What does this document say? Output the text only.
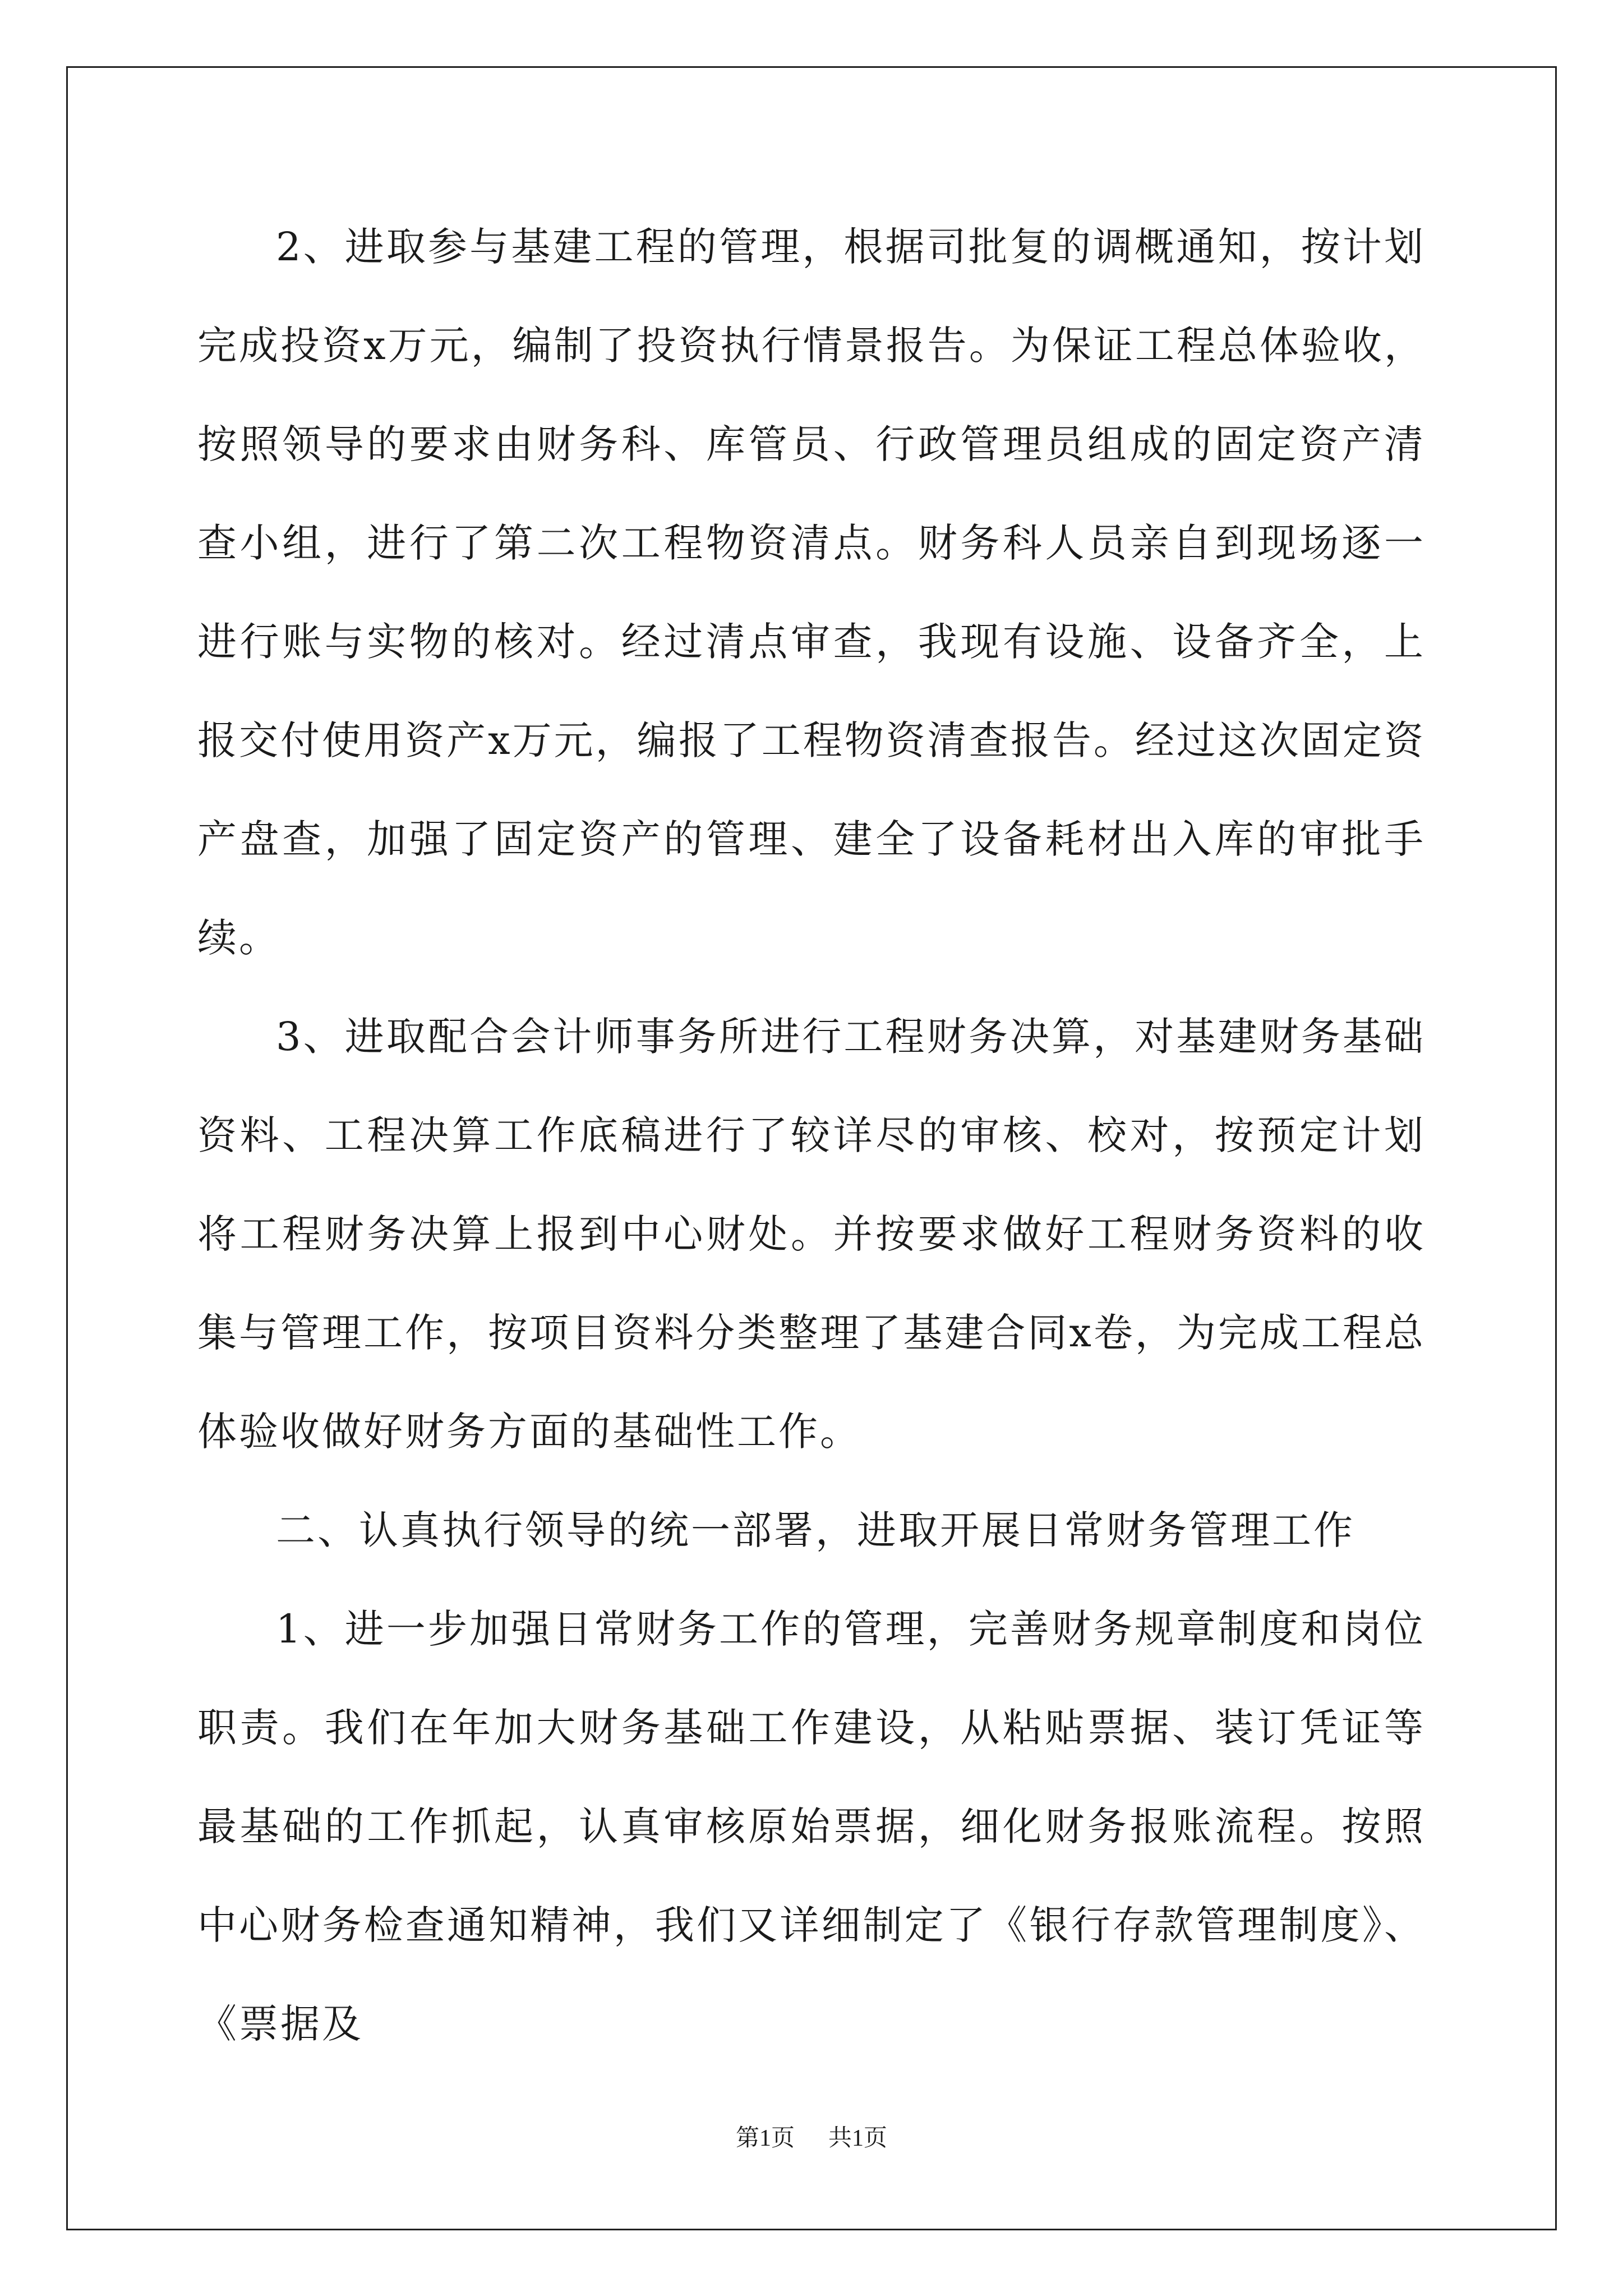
2、进取参与基建工程的管理，根据司批复的调概通知，按计划完成投资x万元，编制了投资执行情景报告。为保证工程总体验收，按照领导的要求由财务科、库管员、行政管理员组成的固定资产清查小组，进行了第二次工程物资清点。财务科人员亲自到现场逐一进行账与实物的核对。经过清点审查，我现有设施、设备齐全，上报交付使用资产x万元，编报了工程物资清查报告。经过这次固定资产盘查，加强了固定资产的管理、建全了设备耗材出入库的审批手续。

3、进取配合会计师事务所进行工程财务决算，对基建财务基础资料、工程决算工作底稿进行了较详尽的审核、校对，按预定计划将工程财务决算上报到中心财处。并按要求做好工程财务资料的收集与管理工作，按项目资料分类整理了基建合同x卷，为完成工程总体验收做好财务方面的基础性工作。

二、认真执行领导的统一部署，进取开展日常财务管理工作

1、进一步加强日常财务工作的管理，完善财务规章制度和岗位职责。我们在年加大财务基础工作建设，从粘贴票据、装订凭证等最基础的工作抓起，认真审核原始票据，细化财务报账流程。按照中心财务检查通知精神，我们又详细制定了《银行存款管理制度》、《票据及

第1页 共1页
